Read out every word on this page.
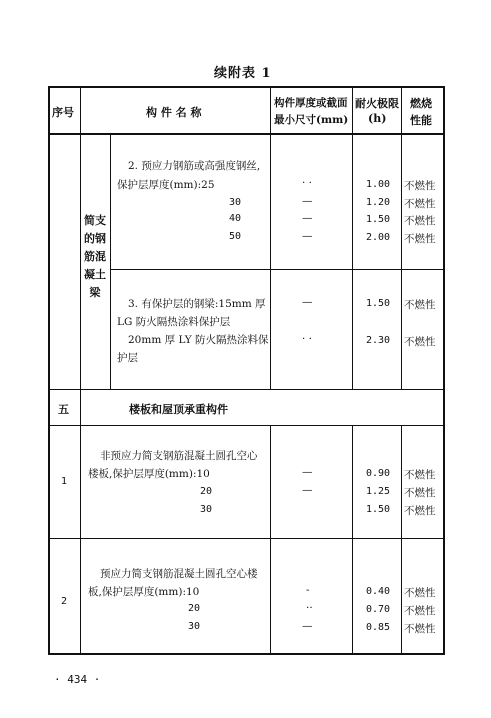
续附表 1
序号	构 件 名 称
构件厚度或截面
最小尺寸(mm)
耐火极限
(h)
燃烧
性能
简支的钢筋混凝土梁
2. 预应力钢筋或高强度钢丝,
保护层厚度(mm):25
30
40
50
· ·
—
—
—
1.00
1.20
1.50
2.00
不燃性
不燃性
不燃性
不燃性
3. 有保护层的钢梁:15mm 厚
LG 防火隔热涂料保护层
20mm 厚 LY 防火隔热涂料保
护层
—
· ·
1.50
2.30
不燃性
不燃性
五	楼板和屋顶承重构件
1
非预应力简支钢筋混凝土圆孔空心
楼板,保护层厚度(mm):10
20
30
—
—
0.90
1.25
1.50
不燃性
不燃性
不燃性
2
预应力简支钢筋混凝土圆孔空心楼
板,保护层厚度(mm):10
20
30
-
··
—
0.40
0.70
0.85
不燃性
不燃性
不燃性
· 434 ·
